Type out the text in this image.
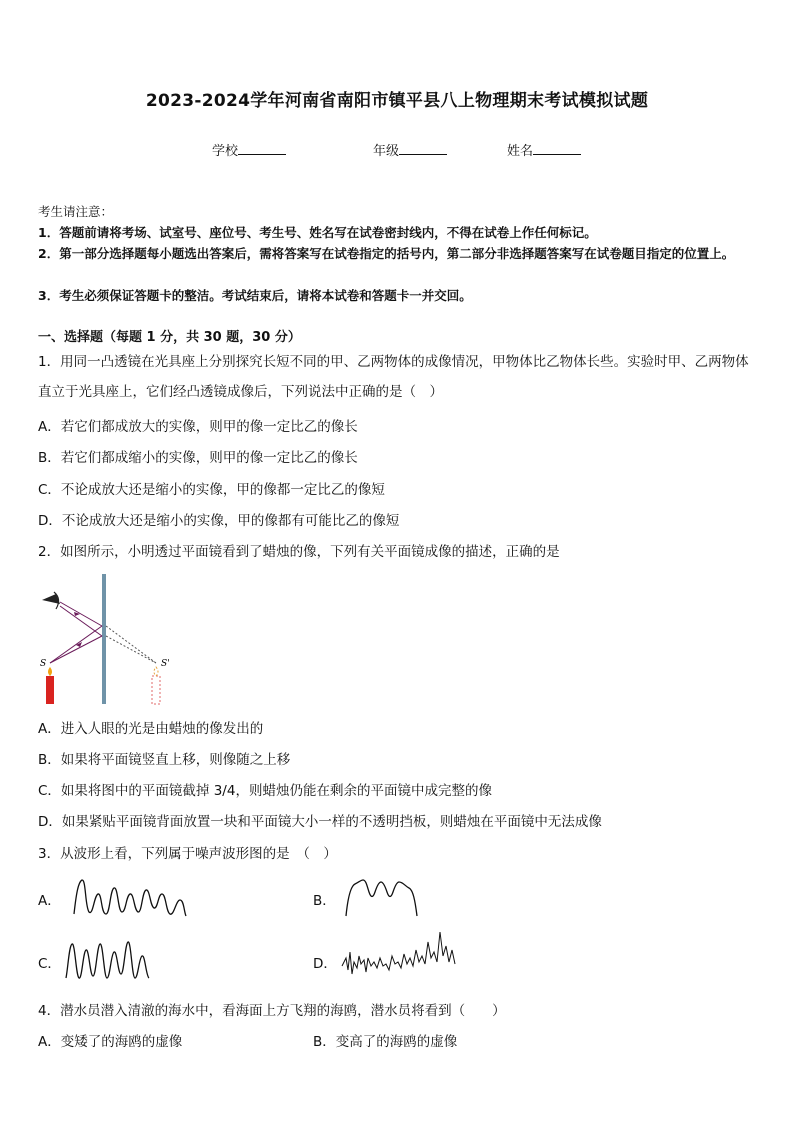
2023-2024学年河南省南阳市镇平县八上物理期末考试模拟试题
学校	年级	姓名
考生请注意：
1．答题前请将考场、试室号、座位号、考生号、姓名写在试卷密封线内，不得在试卷上作任何标记。
2．第一部分选择题每小题选出答案后，需将答案写在试卷指定的括号内，第二部分非选择题答案写在试卷题目指定的位置上。
3．考生必须保证答题卡的整洁。考试结束后，请将本试卷和答题卡一并交回。
一、选择题（每题 1 分，共 30 题，30 分）
1．用同一凸透镜在光具座上分别探究长短不同的甲、乙两物体的成像情况，甲物体比乙物体长些。实验时甲、乙两物体直立于光具座上，它们经凸透镜成像后，下列说法中正确的是（　）
A．若它们都成放大的实像，则甲的像一定比乙的像长
B．若它们都成缩小的实像，则甲的像一定比乙的像长
C．不论成放大还是缩小的实像，甲的像都一定比乙的像短
D．不论成放大还是缩小的实像，甲的像都有可能比乙的像短
2．如图所示，小明透过平面镜看到了蜡烛的像，下列有关平面镜成像的描述，正确的是
S	S'
A．进入人眼的光是由蜡烛的像发出的
B．如果将平面镜竖直上移，则像随之上移
C．如果将图中的平面镜截掉 3/4，则蜡烛仍能在剩余的平面镜中成完整的像
D．如果紧贴平面镜背面放置一块和平面镜大小一样的不透明挡板，则蜡烛在平面镜中无法成像
3．从波形上看，下列属于噪声波形图的是　（　）
A．	B．
C．	D．
4．潜水员潜入清澈的海水中，看海面上方飞翔的海鸥，潜水员将看到（　　）
A．变矮了的海鸥的虚像	B．变高了的海鸥的虚像
